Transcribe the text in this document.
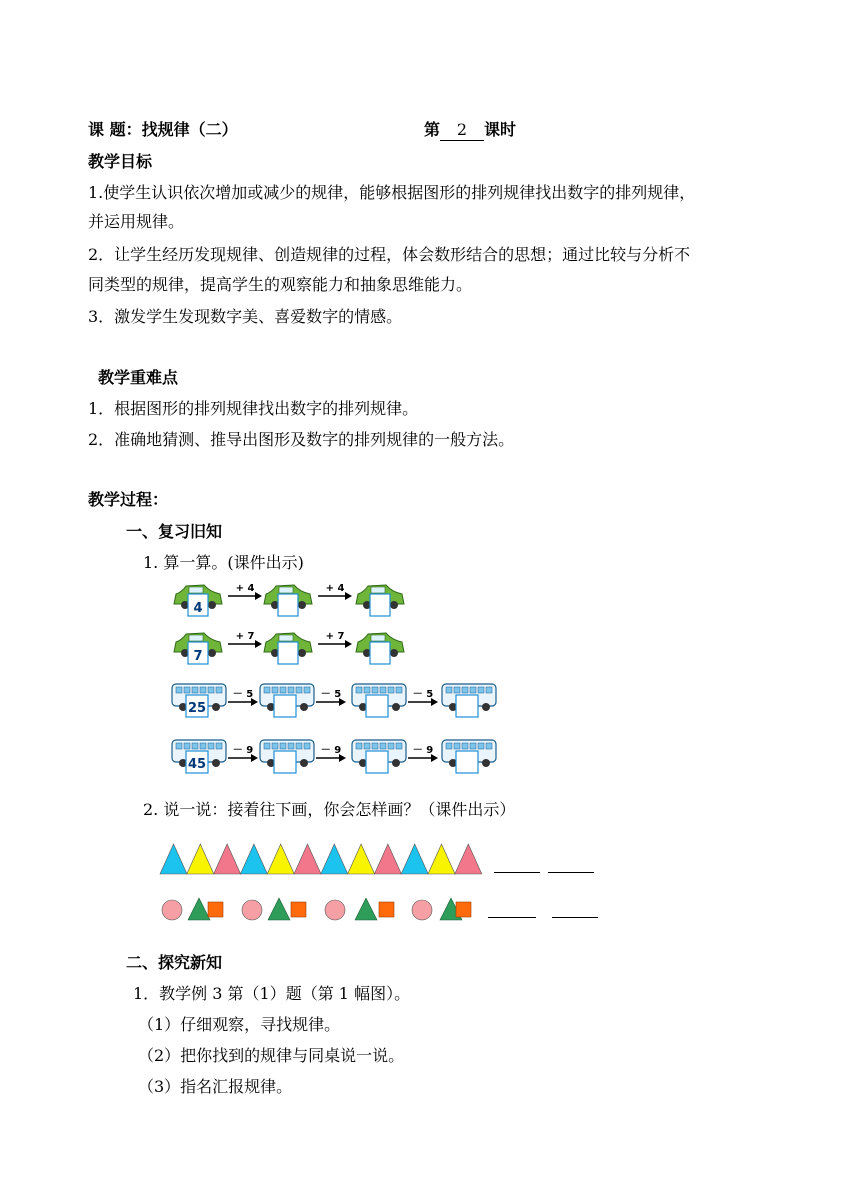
课 题：找规律（二）	第 2 课时
教学目标
1.使学生认识依次增加或减少的规律，能够根据图形的排列规律找出数字的排列规律，
并运用规律。
2．让学生经历发现规律、创造规律的过程，体会数形结合的思想；通过比较与分析不
同类型的规律，提高学生的观察能力和抽象思维能力。
3．激发学生发现数字美、喜爱数字的情感。
教学重难点
1．根据图形的排列规律找出数字的排列规律。
2．准确地猜测、推导出图形及数字的排列规律的一般方法。
教学过程：
一、复习旧知
1. 算一算。(课件出示)
4
+ 4	+ 4
7
+ 7	+ 7
25
－ 5	－ 5	－ 5
45
－ 9	－ 9	－ 9
2. 说一说：接着往下画，你会怎样画？（课件出示）
二、探究新知
1．教学例 3 第（1）题（第 1 幅图）。
（1）仔细观察，寻找规律。
（2）把你找到的规律与同桌说一说。
（3）指名汇报规律。
